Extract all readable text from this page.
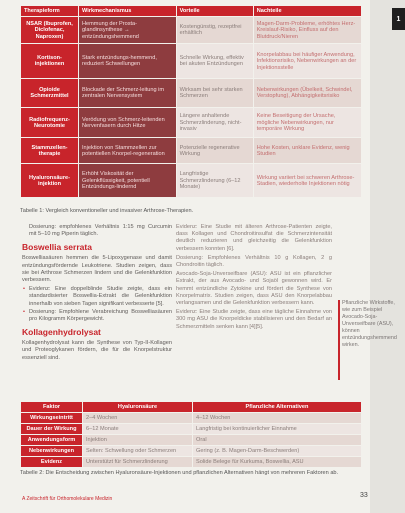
1
Therapieform	Wirkmechanismus	Vorteile	Nachteile
NSAR (Ibuprofen, Diclofenac, Naproxen)	Hemmung der Prosta-glandinsynthese → entzündungshemmend	Kostengünstig, rezeptfrei erhältlich	Magen-Darm-Probleme, erhöhtes Herz-Kreislauf-Risiko, Einfluss auf den Blutdruck/Nieren
Kortison-injektionen	Stark entzündungs-hemmend, reduziert Schwellungen	Schnelle Wirkung, effektiv bei akuten Entzündungen	Knorpelabbau bei häufiger Anwendung, Infektionsrisiko, Nebenwirkungen an der Injektionsstelle
Opioide Schmerzmittel	Blockade der Schmerz-leitung im zentralen Nervensystem	Wirksam bei sehr starken Schmerzen	Nebenwirkungen (Übelkeit, Schwindel, Verstopfung), Abhängigkeitsrisiko
Radiofrequenz-Neurotomie	Verödung von Schmerz-leitenden Nervenfasern durch Hitze	Längere anhaltende Schmerzlinderung, nicht-invasiv	Keine Beseitigung der Ursache, mögliche Nebenwirkungen, nur temporäre Wirkung
Stammzellen-therapie	Injektion von Stammzellen zur potentiellen Knorpel-regeneration	Potenzielle regenerative Wirkung	Hohe Kosten, unklare Evidenz, wenig Studien
Hyaluronsäure-injektion	Erhöht Viskosität der Gelenkflüssigkeit, potentiell Entzündungs-lindernd	Langfristige Schmerzlinderung (6–12 Monate)	Wirkung variiert bei schweren Arthrose-Stadien, wiederholte Injektionen nötig
Tabelle 1: Vergleich konventioneller und invasiver Arthrose-Therapien.

Dosierung: empfohlenes Verhältnis 1:15 mg Curcumin mit 5–10 mg Piperin täglich.

Boswellia serrata

Boswelliasäuren hemmen die 5-Lipoxygenase und damit entzündungsfördernde Leukotriene. Studien zeigen, dass sie bei Arthrose Schmerzen lindern und die Gelenkfunktion verbessern.

• Evidenz: Eine doppelblinde Studie zeigte, dass ein standardisierter Boswellia-Extrakt die Gelenkfunktion innerhalb von sieben Tagen signifikant verbesserte [5].
• Dosierung: Empfohlene Verabreichung Boswelliasäuren pro Kilogramm Körpergewicht.
Kollagenhydrolysat

Kollagenhydrolysat kann die Synthese von Typ-II-Kollagen und Proteoglykanen fördern, die für die Knorpelstruktur essenziell sind.

Evidenz: Eine Studie mit älteren Arthrose-Patienten zeigte, dass Kollagen und Chondroitinsulfat die Schmerzintensität deutlich reduzieren und gleichzeitig die Gelenkfunktion verbessern konnten [6].

Dosierung: Empfohlenes Verhältnis 10 g Kollagen, 2 g Chondroitin täglich.

Avocado-Soja-Unverseifbare (ASU): ASU ist ein pflanzlicher Extrakt, der aus Avocado- und Sojaöl gewonnen wird. Er hemmt entzündliche Zytokine und fördert die Synthese von Knorpelmatrix. Studien zeigen, dass ASU den Knorpelabbau verlangsamen und die Gelenkfunktion verbessern kann.

Evidenz: Eine Studie zeigte, dass eine tägliche Einnahme von 300 mg ASU die Knorpeldicke stabilisieren und den Bedarf an Schmerzmitteln senken kann [4][5].

Pflanzliche Wirkstoffe, wie zum Beispiel Avocado-Soja-Unverseifbare (ASU), können entzündungshemmend wirken.
Faktor	Hyaluronsäure	Pflanzliche Alternativen
Wirkungseintritt	2–4 Wochen	4–12 Wochen
Dauer der Wirkung	6–12 Monate	Langfristig bei kontinuierlicher Einnahme
Anwendungsform	Injektion	Oral
Nebenwirkungen	Selten: Schwellung oder Schmerzen	Gering (z. B. Magen-Darm-Beschwerden)
Evidenz	Unterstützt für Schmerzlinderung	Solide Belege für Kurkuma, Boswellia, ASU
Tabelle 2: Die Entscheidung zwischen Hyaluronsäure-Injektionen und pflanzlichen Alternativen hängt von mehreren Faktoren ab.
A Zeitschrift für Orthomolekulare Medizin	33
